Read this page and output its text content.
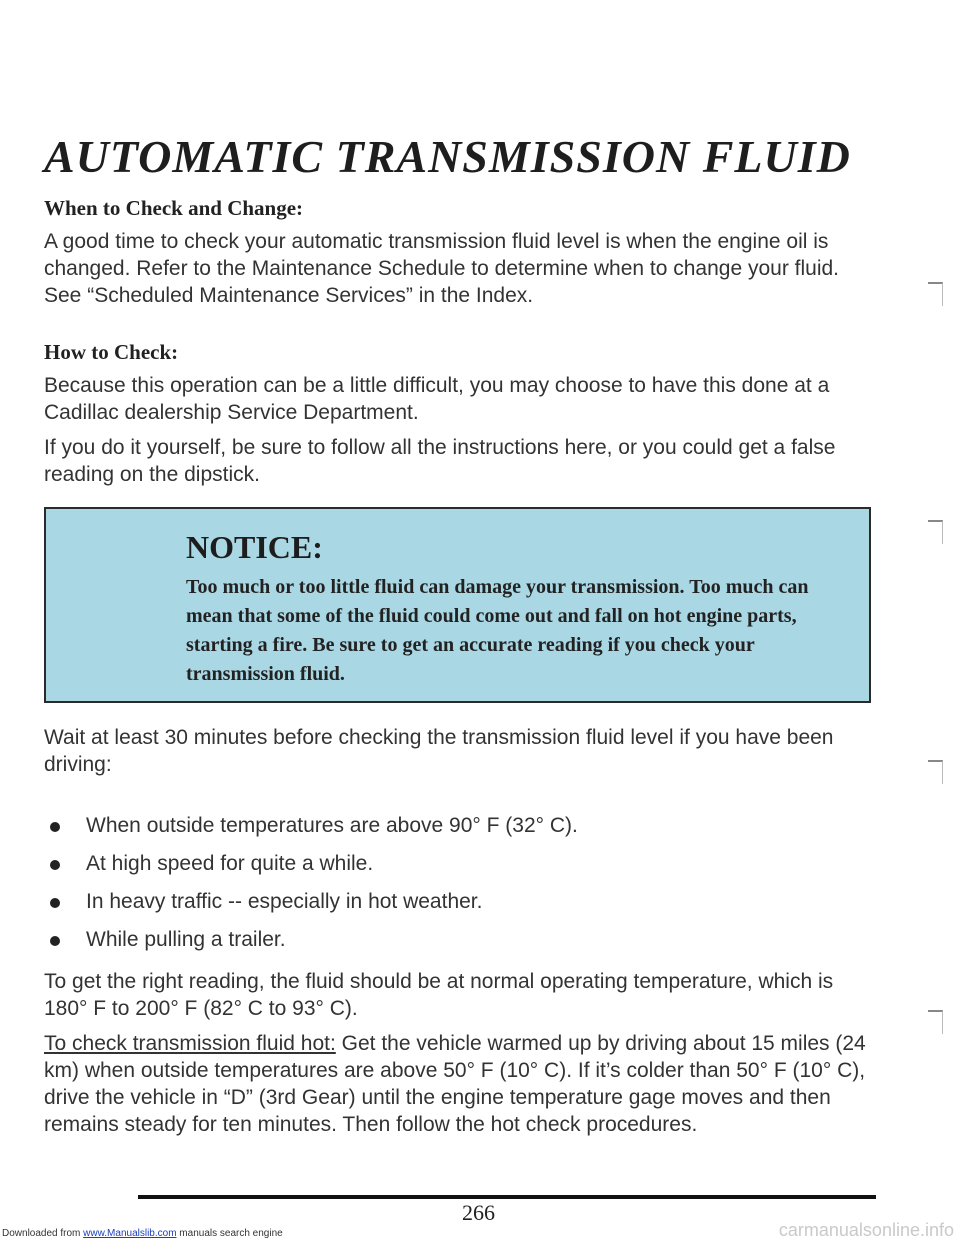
AUTOMATIC TRANSMISSION FLUID
When to Check and Change:

A good time to check your automatic transmission fluid level is when the engine oil is changed. Refer to the Maintenance Schedule to determine when to change your fluid. See “Scheduled Maintenance Services” in the Index.

How to Check:

Because this operation can be a little difficult, you may choose to have this done at a Cadillac dealership Service Department.

If you do it yourself, be sure to follow all the instructions here, or you could get a false reading on the dipstick.

NOTICE:

Too much or too little fluid can damage your transmission. Too much can mean that some of the fluid could come out and fall on hot engine parts, starting a fire. Be sure to get an accurate reading if you check your transmission fluid.

Wait at least 30 minutes before checking the transmission fluid level if you have been driving:

When outside temperatures are above 90° F (32° C).
At high speed for quite a while.
In heavy traffic -- especially in hot weather.
While pulling a trailer.

To get the right reading, the fluid should be at normal operating temperature, which is 180° F to 200° F (82° C to 93° C).

To check transmission fluid hot: Get the vehicle warmed up by driving about 15 miles (24 km) when outside temperatures are above 50° F (10° C). If it’s colder than 50° F (10° C), drive the vehicle in “D” (3rd Gear) until the engine temperature gage moves and then remains steady for ten minutes. Then follow the hot check procedures.

266

Downloaded from www.Manualslib.com manuals search engine	carmanualsonline.info
